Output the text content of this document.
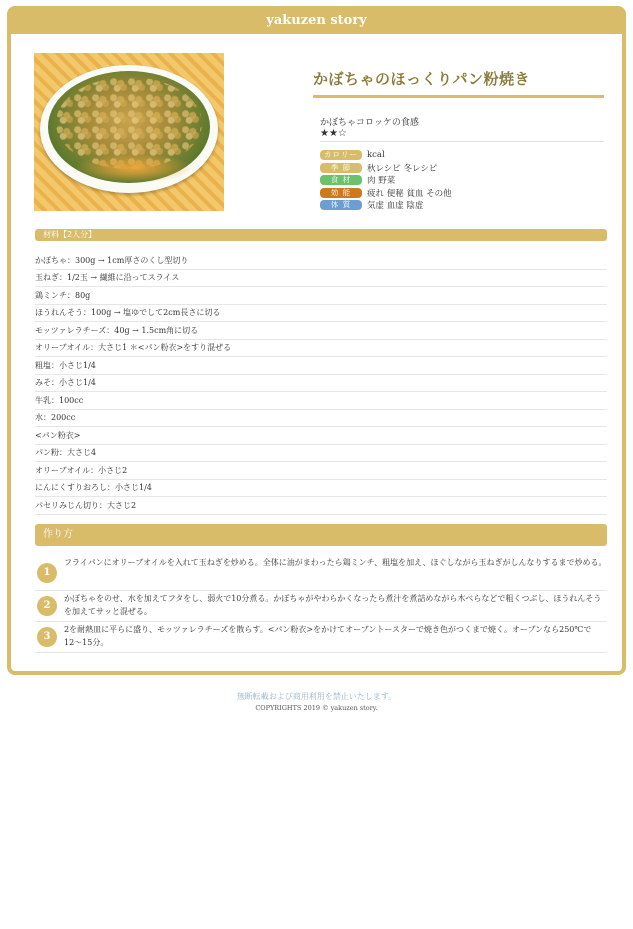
yakuzen story
かぼちゃのほっくりパン粉焼き
かぼちゃコロッケの食感
★★☆
カロリー	kcal
季 節	秋レシピ 冬レシピ
食 材	肉 野菜
効 能	疲れ 便秘 貧血 その他
体 質	気虚 血虚 陰虚
材料【2人分】
かぼちゃ：300g → 1cm厚さのくし型切り
玉ねぎ：1/2玉 → 繊維に沿ってスライス
鶏ミンチ：80g
ほうれんそう：100g → 塩ゆでして2cm長さに切る
モッツァレラチーズ：40g → 1.5cm角に切る
オリーブオイル：大さじ1 ＊<パン粉衣>をすり混ぜる
粗塩：小さじ1/4
みそ：小さじ1/4
牛乳：100cc
水：200cc
<パン粉衣>
パン粉：大さじ4
オリーブオイル：小さじ2
にんにくすりおろし：小さじ1/4
パセリみじん切り：大さじ2
作り方
1
フライパンにオリーブオイルを入れて玉ねぎを炒める。全体に油がまわったら鶏ミンチ、粗塩を加え、ほぐしながら玉ねぎがしんなりするまで炒める。
2
かぼちゃをのせ、水を加えてフタをし、弱火で10分煮る。かぼちゃがやわらかくなったら煮汁を煮詰めながら木べらなどで粗くつぶし、ほうれんそうを加えてサッと混ぜる。
3
2を耐熱皿に平らに盛り、モッツァレラチーズを散らす。<パン粉衣>をかけてオーブントースターで焼き色がつくまで焼く。オーブンなら250℃で12〜15分。
無断転載および商用利用を禁止いたします。
COPYRIGHTS 2019 © yakuzen story.
